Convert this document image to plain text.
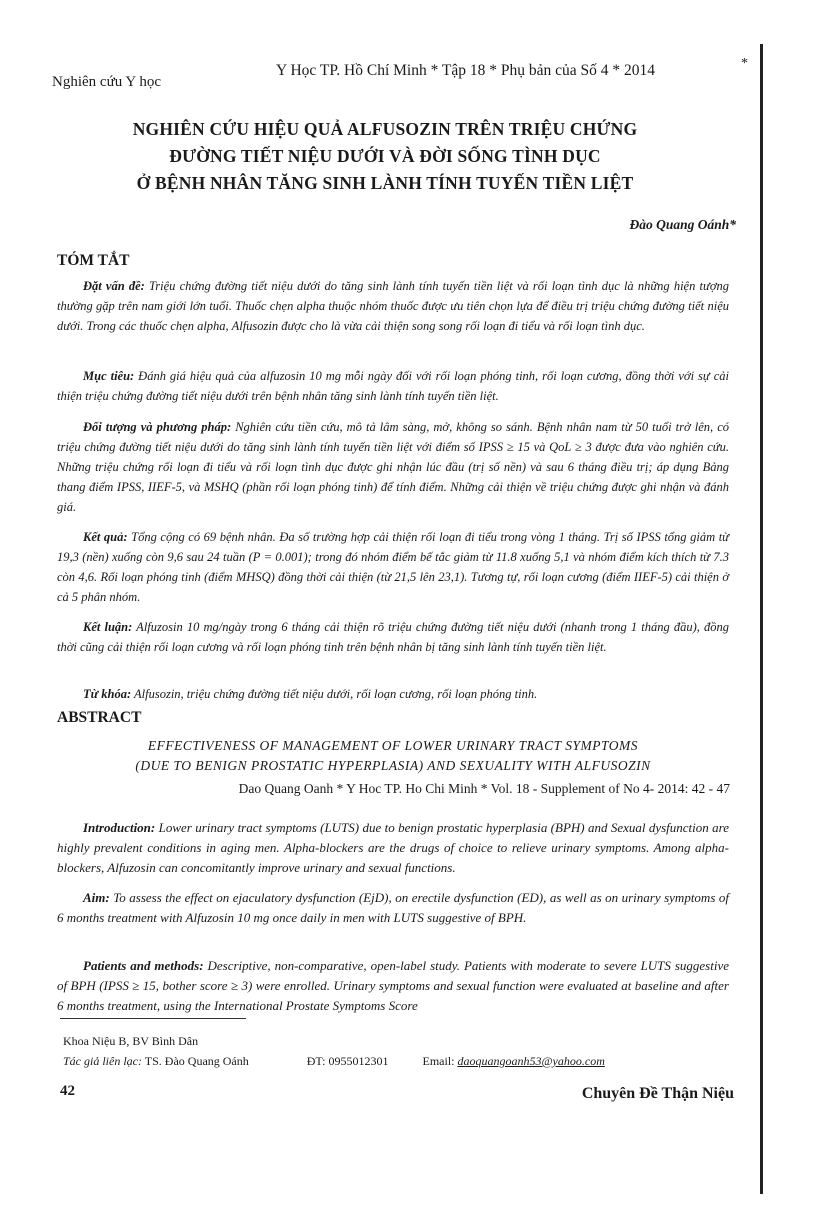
Nghiên cứu Y học
Y Học TP. Hồ Chí Minh * Tập 18 * Phụ bản của Số 4 * 2014	*
NGHIÊN CỨU HIỆU QUẢ ALFUSOZIN TRÊN TRIỆU CHỨNG
ĐƯỜNG TIẾT NIỆU DƯỚI VÀ ĐỜI SỐNG TÌNH DỤC
Ở BỆNH NHÂN TĂNG SINH LÀNH TÍNH TUYẾN TIỀN LIỆT
Đào Quang Oánh*
TÓM TẮT
Đặt vấn đề: Triệu chứng đường tiết niệu dưới do tăng sinh lành tính tuyến tiền liệt và rối loạn tình dục là những hiện tượng thường gặp trên nam giới lớn tuổi. Thuốc chẹn alpha thuộc nhóm thuốc được ưu tiên chọn lựa để điều trị triệu chứng đường tiết niệu dưới. Trong các thuốc chẹn alpha, Alfusozin được cho là vừa cải thiện song song rối loạn đi tiểu và rối loạn tình dục.
Mục tiêu: Đánh giá hiệu quả của alfuzosin 10 mg mỗi ngày đối với rối loạn phóng tinh, rối loạn cương, đồng thời với sự cải thiện triệu chứng đường tiết niệu dưới trên bệnh nhân tăng sinh lành tính tuyến tiền liệt.
Đối tượng và phương pháp: Nghiên cứu tiền cứu, mô tả lâm sàng, mở, không so sánh. Bệnh nhân nam từ 50 tuổi trở lên, có triệu chứng đường tiết niệu dưới do tăng sinh lành tính tuyến tiền liệt với điểm số IPSS ≥ 15 và QoL ≥ 3 được đưa vào nghiên cứu. Những triệu chứng rối loạn đi tiểu và rối loạn tình dục được ghi nhận lúc đầu (trị số nền) và sau 6 tháng điều trị; áp dụng Bảng thang điểm IPSS, IIEF-5, và MSHQ (phần rối loạn phóng tinh) để tính điểm. Những cải thiện về triệu chứng được ghi nhận và đánh giá.
Kết quả: Tổng cộng có 69 bệnh nhân. Đa số trường hợp cải thiện rối loạn đi tiểu trong vòng 1 tháng. Trị số IPSS tổng giảm từ 19,3 (nền) xuống còn 9,6 sau 24 tuần (P = 0.001); trong đó nhóm điểm bế tắc giảm từ 11.8 xuống 5,1 và nhóm điểm kích thích từ 7.3 còn 4,6. Rối loạn phóng tinh (điểm MHSQ) đồng thời cải thiện (từ 21,5 lên 23,1). Tương tự, rối loạn cương (điểm IIEF-5) cải thiện ở cả 5 phân nhóm.
Kết luận: Alfuzosin 10 mg/ngày trong 6 tháng cải thiện rõ triệu chứng đường tiết niệu dưới (nhanh trong 1 tháng đầu), đồng thời cũng cải thiện rối loạn cương và rối loạn phóng tinh trên bệnh nhân bị tăng sinh lành tính tuyến tiền liệt.
Từ khóa: Alfusozin, triệu chứng đường tiết niệu dưới, rối loạn cương, rối loạn phóng tinh.
ABSTRACT
EFFECTIVENESS OF MANAGEMENT OF LOWER URINARY TRACT SYMPTOMS
(DUE TO BENIGN PROSTATIC HYPERPLASIA) AND SEXUALITY WITH ALFUSOZIN
Dao Quang Oanh * Y Hoc TP. Ho Chi Minh * Vol. 18 - Supplement of No 4- 2014: 42 - 47
Introduction: Lower urinary tract symptoms (LUTS) due to benign prostatic hyperplasia (BPH) and Sexual dysfunction are highly prevalent conditions in aging men. Alpha-blockers are the drugs of choice to relieve urinary symptoms. Among alpha-blockers, Alfuzosin can concomitantly improve urinary and sexual functions.
Aim: To assess the effect on ejaculatory dysfunction (EjD), on erectile dysfunction (ED), as well as on urinary symptoms of 6 months treatment with Alfuzosin 10 mg once daily in men with LUTS suggestive of BPH.
Patients and methods: Descriptive, non-comparative, open-label study. Patients with moderate to severe LUTS suggestive of BPH (IPSS ≥ 15, bother score ≥ 3) were enrolled. Urinary symptoms and sexual function were evaluated at baseline and after 6 months treatment, using the International Prostate Symptoms Score
Khoa Niệu B, BV Bình Dân
Tác giả liên lạc: TS. Đào Quang Oánh	ĐT: 0955012301	Email: daoquangoanh53@yahoo.com
42	Chuyên Đề Thận Niệu
